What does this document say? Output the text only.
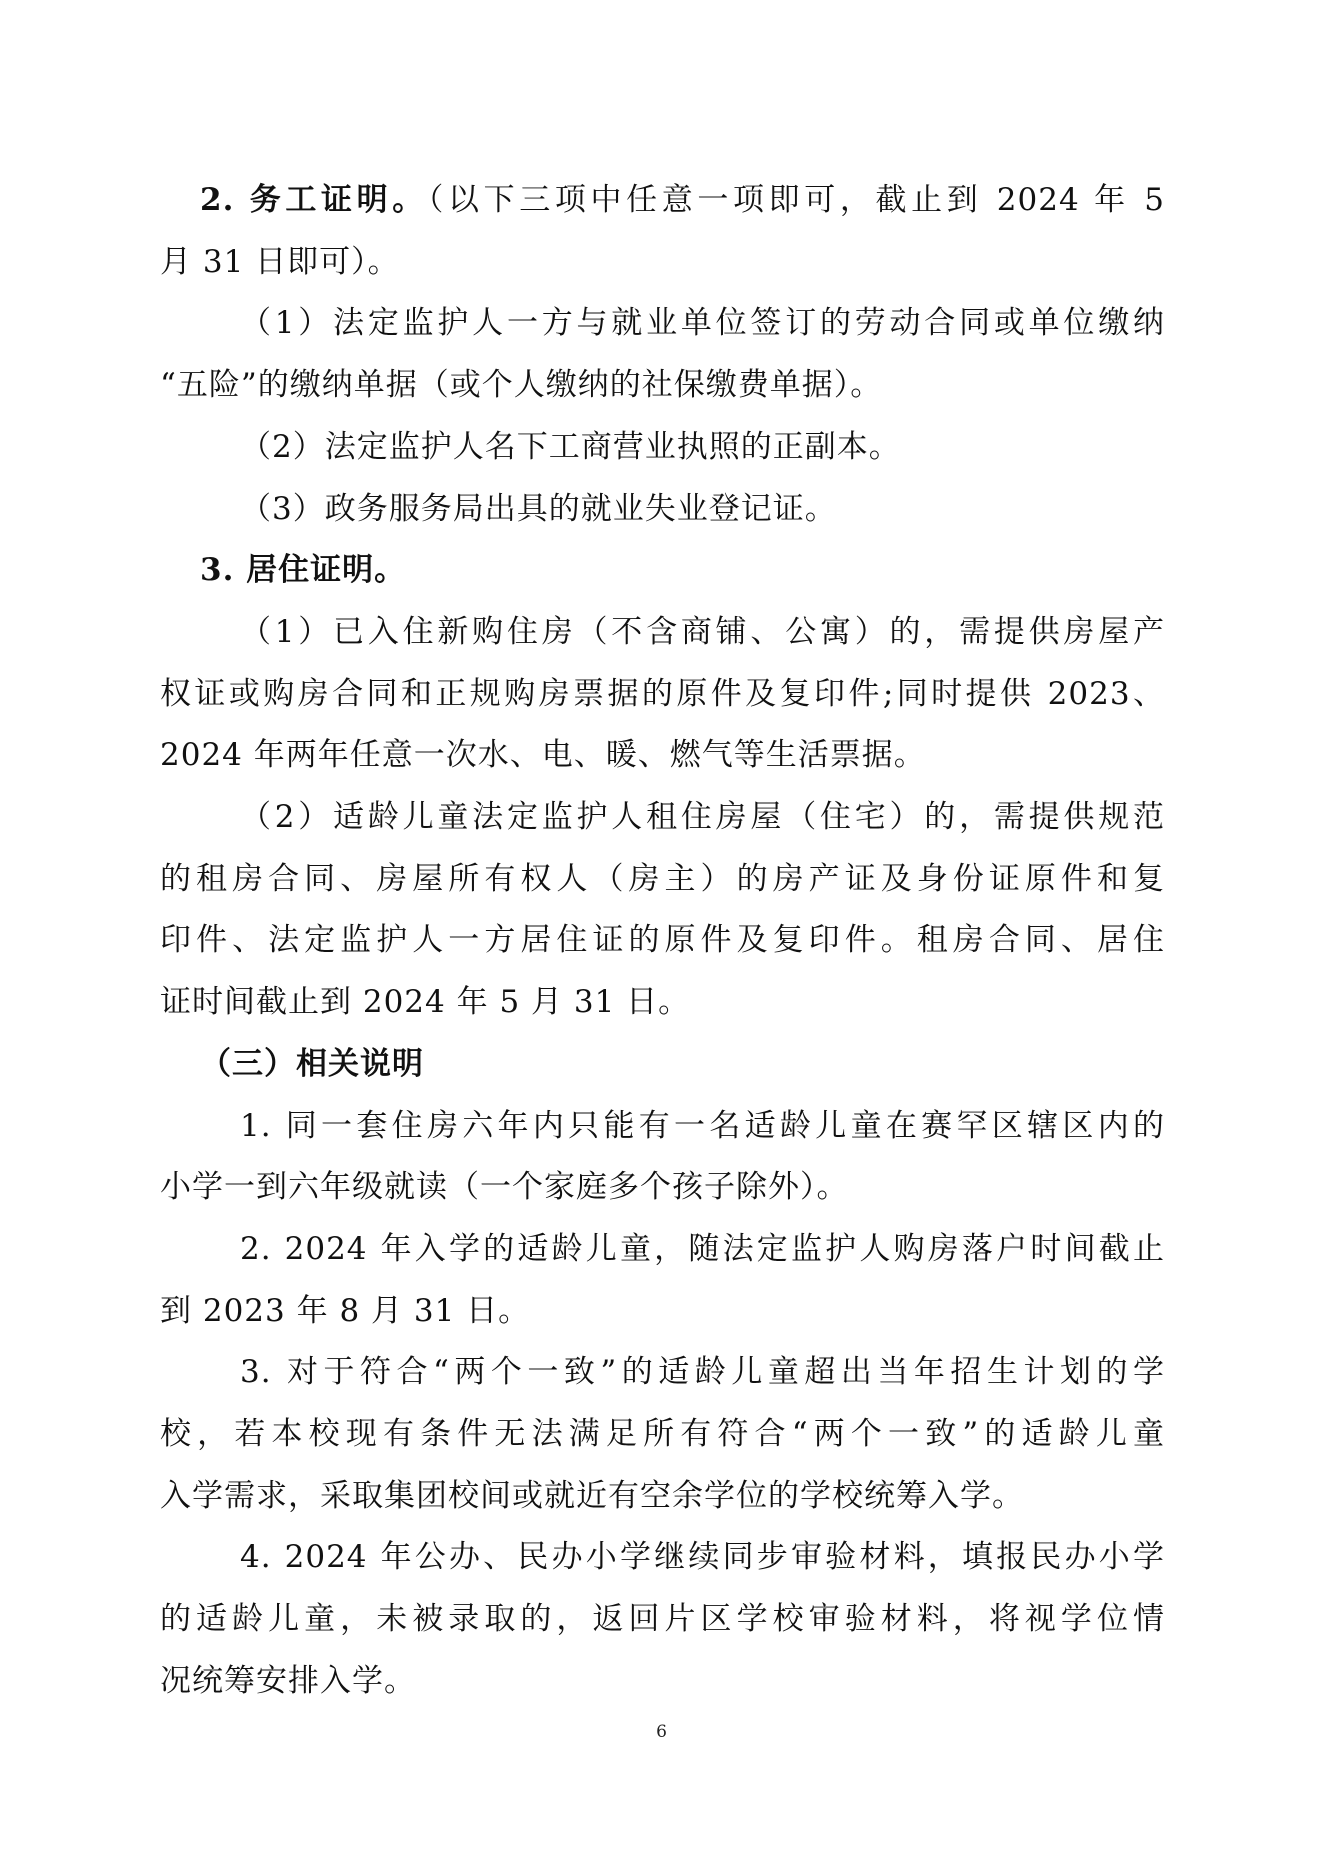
2. 务工证明。（以下三项中任意一项即可，截止到 2024 年 5
月 31 日即可）。
（1）法定监护人一方与就业单位签订的劳动合同或单位缴纳
“五险”的缴纳单据（或个人缴纳的社保缴费单据）。
（2）法定监护人名下工商营业执照的正副本。
（3）政务服务局出具的就业失业登记证。
3. 居住证明。
（1）已入住新购住房（不含商铺、公寓）的，需提供房屋产
权证或购房合同和正规购房票据的原件及复印件;同时提供 2023、
2024 年两年任意一次水、电、暖、燃气等生活票据。
（2）适龄儿童法定监护人租住房屋（住宅）的，需提供规范
的租房合同、房屋所有权人（房主）的房产证及身份证原件和复
印件、法定监护人一方居住证的原件及复印件。租房合同、居住
证时间截止到 2024 年 5 月 31 日。
（三）相关说明
1. 同一套住房六年内只能有一名适龄儿童在赛罕区辖区内的
小学一到六年级就读（一个家庭多个孩子除外）。
2. 2024 年入学的适龄儿童，随法定监护人购房落户时间截止
到 2023 年 8 月 31 日。
3. 对于符合“两个一致”的适龄儿童超出当年招生计划的学
校，若本校现有条件无法满足所有符合“两个一致”的适龄儿童
入学需求，采取集团校间或就近有空余学位的学校统筹入学。
4. 2024 年公办、民办小学继续同步审验材料，填报民办小学
的适龄儿童，未被录取的，返回片区学校审验材料，将视学位情
况统筹安排入学。
6
